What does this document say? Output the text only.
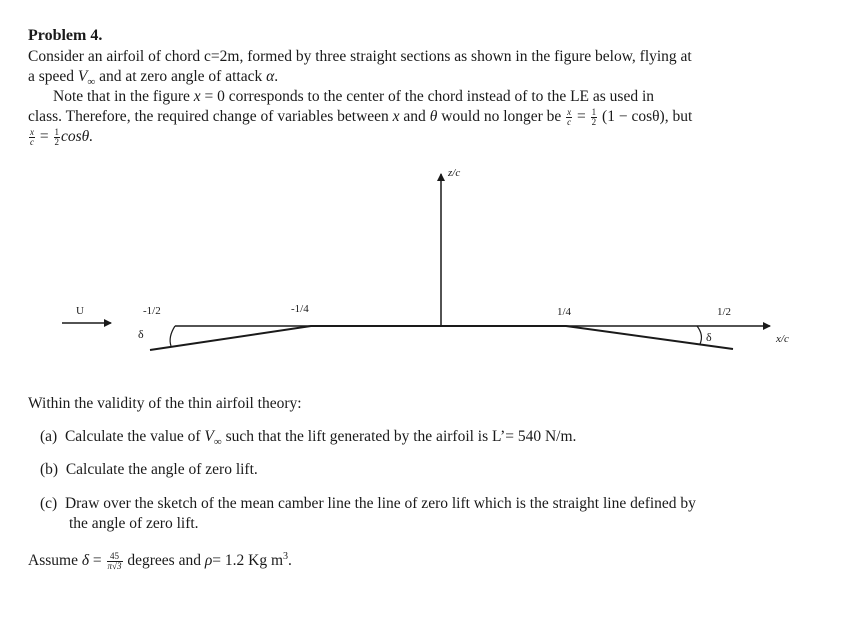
Problem 4.
Consider an airfoil of chord c=2m, formed by three straight sections as shown in the figure below, flying at
a speed $V_\infty$ and at zero angle of attack α.
Note that in the figure x = 0 corresponds to the center of the chord instead of to the LE as used in
class. Therefore, the required change of variables between x and θ would no longer be $\frac{x}{c} = \frac{1}{2} (1 - \cos\theta)$, but
$\frac{x}{c} = \frac{1}{2} \cos\theta$.
z/c
x/c
δ	δ
U	-1/2	-1/4	1/4	1/2
Within the validity of the thin airfoil theory:
(a) Calculate the value of $V_\infty$ such that the lift generated by the airfoil is L’= 540 N/m.
(b) Calculate the angle of zero lift.
(c) Draw over the sketch of the mean camber line the line of zero lift which is the straight line defined by
the angle of zero lift.
Assume $\delta = \frac{45}{\pi√3}$ degrees and ρ= 1.2 Kg $m^3$.
